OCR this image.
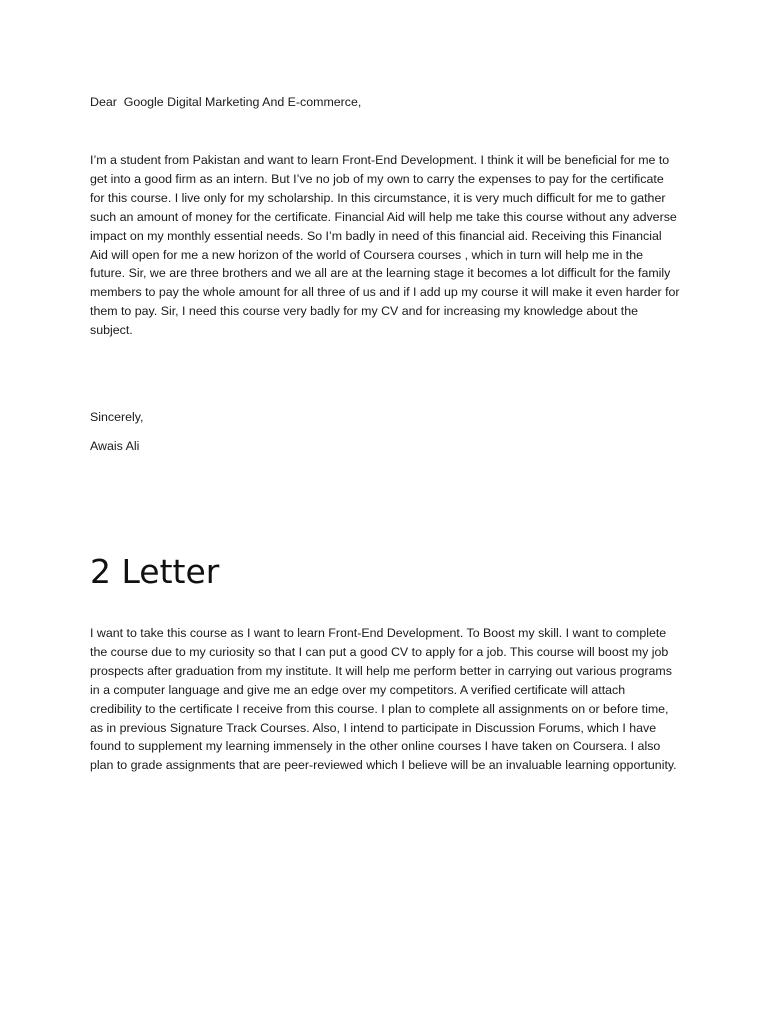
Dear  Google Digital Marketing And E-commerce,
I’m a student from Pakistan and want to learn Front-End Development. I think it will be beneficial for me to get into a good firm as an intern. But I’ve no job of my own to carry the expenses to pay for the certificate for this course. I live only for my scholarship. In this circumstance, it is very much difficult for me to gather such an amount of money for the certificate. Financial Aid will help me take this course without any adverse impact on my monthly essential needs. So I’m badly in need of this financial aid. Receiving this Financial Aid will open for me a new horizon of the world of Coursera courses , which in turn will help me in the future. Sir, we are three brothers and we all are at the learning stage it becomes a lot difficult for the family members to pay the whole amount for all three of us and if I add up my course it will make it even harder for them to pay. Sir, I need this course very badly for my CV and for increasing my knowledge about the subject.
Sincerely,
Awais Ali
2 Letter
I want to take this course as I want to learn Front-End Development. To Boost my skill. I want to complete the course due to my curiosity so that I can put a good CV to apply for a job. This course will boost my job prospects after graduation from my institute. It will help me perform better in carrying out various programs in a computer language and give me an edge over my competitors. A verified certificate will attach credibility to the certificate I receive from this course. I plan to complete all assignments on or before time, as in previous Signature Track Courses. Also, I intend to participate in Discussion Forums, which I have found to supplement my learning immensely in the other online courses I have taken on Coursera. I also plan to grade assignments that are peer-reviewed which I believe will be an invaluable learning opportunity.
